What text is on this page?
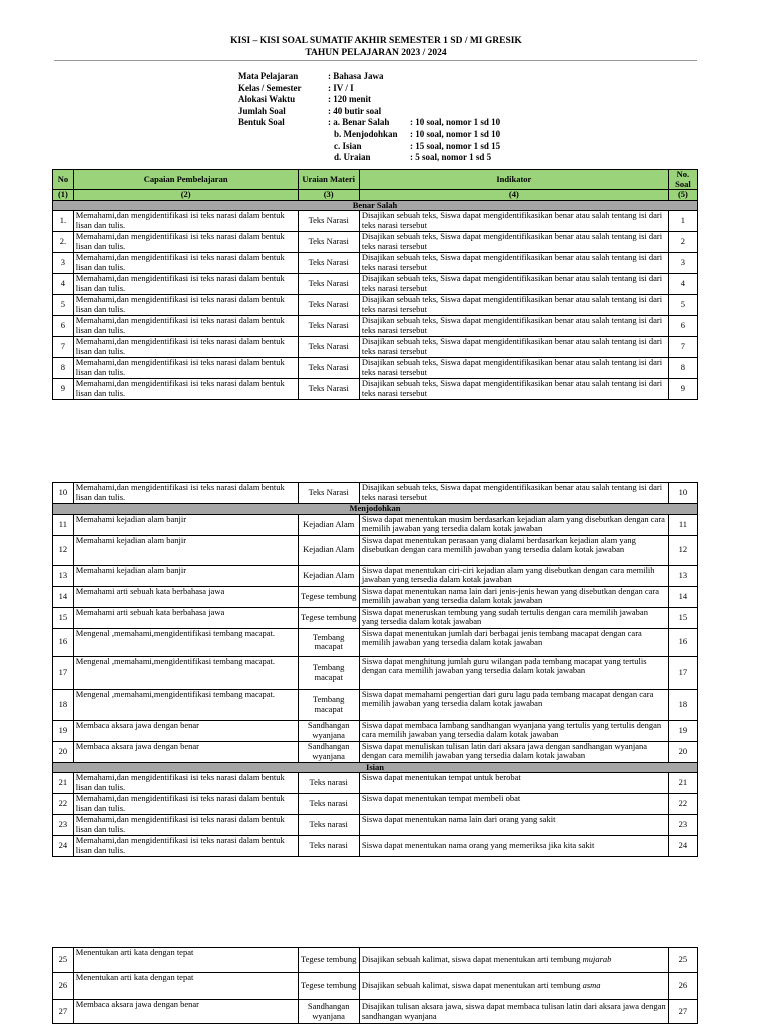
KISI – KISI SOAL SUMATIF AKHIR SEMESTER 1 SD / MI GRESIK
TAHUN PELAJARAN 2023 / 2024
Mata Pelajaran	: Bahasa Jawa
Kelas / Semester	: IV / I
Alokasi Waktu	: 120 menit
Jumlah Soal	: 40 butir soal
Bentuk Soal	: a. Benar Salah : 10 soal, nomor 1 sd 10
b. Menjodohkan : 10 soal, nomor 1 sd 10
c. Isian	: 15 soal, nomor 1 sd 15
d. Uraian	: 5 soal, nomor 1 sd 5
No	Capaian Pembelajaran	Uraian Materi	Indikator	No. Soal
(1)	(2)	(3)	(4)	(5)
Benar Salah				
1.	Memahami,dan mengidentifikasi isi teks narasi dalam bentuk lisan dan tulis.	Teks Narasi	Disajikan sebuah teks, Siswa dapat mengidentifikasikan benar atau salah tentang isi dari teks narasi tersebut	1
2.	Memahami,dan mengidentifikasi isi teks narasi dalam bentuk lisan dan tulis.	Teks Narasi	Disajikan sebuah teks, Siswa dapat mengidentifikasikan benar atau salah tentang isi dari teks narasi tersebut	2
3	Memahami,dan mengidentifikasi isi teks narasi dalam bentuk lisan dan tulis.	Teks Narasi	Disajikan sebuah teks, Siswa dapat mengidentifikasikan benar atau salah tentang isi dari teks narasi tersebut	3
4	Memahami,dan mengidentifikasi isi teks narasi dalam bentuk lisan dan tulis.	Teks Narasi	Disajikan sebuah teks, Siswa dapat mengidentifikasikan benar atau salah tentang isi dari teks narasi tersebut	4
5	Memahami,dan mengidentifikasi isi teks narasi dalam bentuk lisan dan tulis.	Teks Narasi	Disajikan sebuah teks, Siswa dapat mengidentifikasikan benar atau salah tentang isi dari teks narasi tersebut	5
6	Memahami,dan mengidentifikasi isi teks narasi dalam bentuk lisan dan tulis.	Teks Narasi	Disajikan sebuah teks, Siswa dapat mengidentifikasikan benar atau salah tentang isi dari teks narasi tersebut	6
7	Memahami,dan mengidentifikasi isi teks narasi dalam bentuk lisan dan tulis.	Teks Narasi	Disajikan sebuah teks, Siswa dapat mengidentifikasikan benar atau salah tentang isi dari teks narasi tersebut	7
8	Memahami,dan mengidentifikasi isi teks narasi dalam bentuk lisan dan tulis.	Teks Narasi	Disajikan sebuah teks, Siswa dapat mengidentifikasikan benar atau salah tentang isi dari teks narasi tersebut	8
9	Memahami,dan mengidentifikasi isi teks narasi dalam bentuk lisan dan tulis.	Teks Narasi	Disajikan sebuah teks, Siswa dapat mengidentifikasikan benar atau salah tentang isi dari teks narasi tersebut	9
10	Memahami,dan mengidentifikasi isi teks narasi dalam bentuk lisan dan tulis.	Teks Narasi	Disajikan sebuah teks, Siswa dapat mengidentifikasikan benar atau salah tentang isi dari teks narasi tersebut	10
Menjodohkan				
11	Memahami kejadian alam banjir	Kejadian Alam	Siswa dapat menentukan musim berdasarkan kejadian alam yang disebutkan dengan cara memilih jawaban yang tersedia dalam kotak jawaban	11
12	Memahami kejadian alam banjir	Kejadian Alam	Siswa dapat menentukan perasaan yang dialami berdasarkan kejadian alam yang disebutkan dengan cara memilih jawaban yang tersedia dalam kotak jawaban	12
13	Memahami kejadian alam banjir	Kejadian Alam	Siswa dapat menentukan ciri-ciri kejadian alam yang disebutkan dengan cara memilih jawaban yang tersedia dalam kotak jawaban	13
14	Memahami arti sebuah kata berbahasa jawa	Tegese tembung	Siswa dapat menentukan nama lain dari jenis-jenis hewan yang disebutkan dengan cara memilih jawaban yang tersedia dalam kotak jawaban	14
15	Memahami arti sebuah kata berbahasa jawa	Tegese tembung	Siswa dapat meneruskan tembung yang sudah tertulis dengan cara memilih jawaban yang tersedia dalam kotak jawaban	15
16	Mengenal ,memahami,mengidentifikasi tembang macapat.	Tembang macapat	Siswa dapat menentukan jumlah dari berbagai jenis tembang macapat dengan cara memilih jawaban yang tersedia dalam kotak jawaban	16
17	Mengenal ,memahami,mengidentifikasi tembang macapat.	Tembang macapat	Siswa dapat menghitung jumlah guru wilangan pada tembang macapat yang tertulis dengan cara memilih jawaban yang tersedia dalam kotak jawaban	17
18	Mengenal ,memahami,mengidentifikasi tembang macapat.	Tembang macapat	Siswa dapat memahami pengertian dari guru lagu pada tembang macapat dengan cara memilih jawaban yang tersedia dalam kotak jawaban	18
19	Membaca aksara jawa dengan benar	Sandhangan wyanjana	Siswa dapat membaca lambang sandhangan wyanjana yang tertulis yang tertulis dengan cara memilih jawaban yang tersedia dalam kotak jawaban	19
20	Membaca aksara jawa dengan benar	Sandhangan wyanjana	Siswa dapat menuliskan tulisan latin dari aksara jawa dengan sandhangan wyanjana dengan cara memilih jawaban yang tersedia dalam kotak jawaban	20
Isian				
21	Memahami,dan mengidentifikasi isi teks narasi dalam bentuk lisan dan tulis.	Teks narasi	Siswa dapat menentukan tempat untuk berobat	21
22	Memahami,dan mengidentifikasi isi teks narasi dalam bentuk lisan dan tulis.	Teks narasi	Siswa dapat menentukan tempat membeli obat	22
23	Memahami,dan mengidentifikasi isi teks narasi dalam bentuk lisan dan tulis.	Teks narasi	Siswa dapat menentukan nama lain dari orang yang sakit	23
24	Memahami,dan mengidentifikasi isi teks narasi dalam bentuk lisan dan tulis.	Teks narasi	Siswa dapat menentukan nama orang yang memeriksa jika kita sakit	24
25	Menentukan arti kata dengan tepat	Tegese tembung	Disajikan sebuah kalimat, siswa dapat menentukan arti tembung mujarab	25
26	Menentukan arti kata dengan tepat	Tegese tembung	Disajikan sebuah kalimat, siswa dapat menentukan arti tembung asma	26
27	Membaca aksara jawa dengan benar	Sandhangan wyanjana	Disajikan tulisan aksara jawa, siswa dapat membaca tulisan latin dari aksara jawa dengan sandhangan wyanjana	27
